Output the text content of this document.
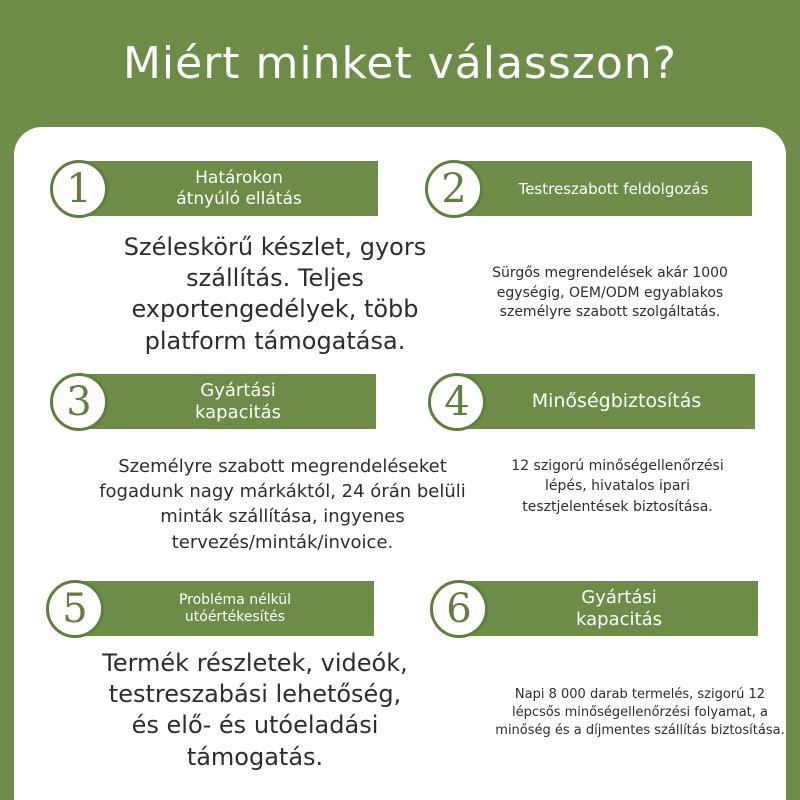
Miért minket válasszon?
1	Határokon
átnyúló ellátás
Széleskörű készlet, gyors szállítás. Teljes exportengedélyek, több platform támogatása.
2	Testreszabott feldolgozás
Sürgős megrendelések akár 1000 egységig, OEM/ODM egyablakos személyre szabott szolgáltatás.
3	Gyártási
kapacitás
Személyre szabott megrendeléseket fogadunk nagy márkáktól, 24 órán belüli minták szállítása, ingyenes tervezés/minták/invoice.
4	Minőségbiztosítás
12 szigorú minőségellenőrzési lépés, hivatalos ipari tesztjelentések biztosítása.
5	Probléma nélkül
utóértékesítés
Termék részletek, videók, testreszabási lehetőség, és elő- és utóeladási támogatás.
6	Gyártási
kapacitás
Napi 8 000 darab termelés, szigorú 12 lépcsős minőségellenőrzési folyamat, a minőség és a díjmentes szállítás biztosítása.
